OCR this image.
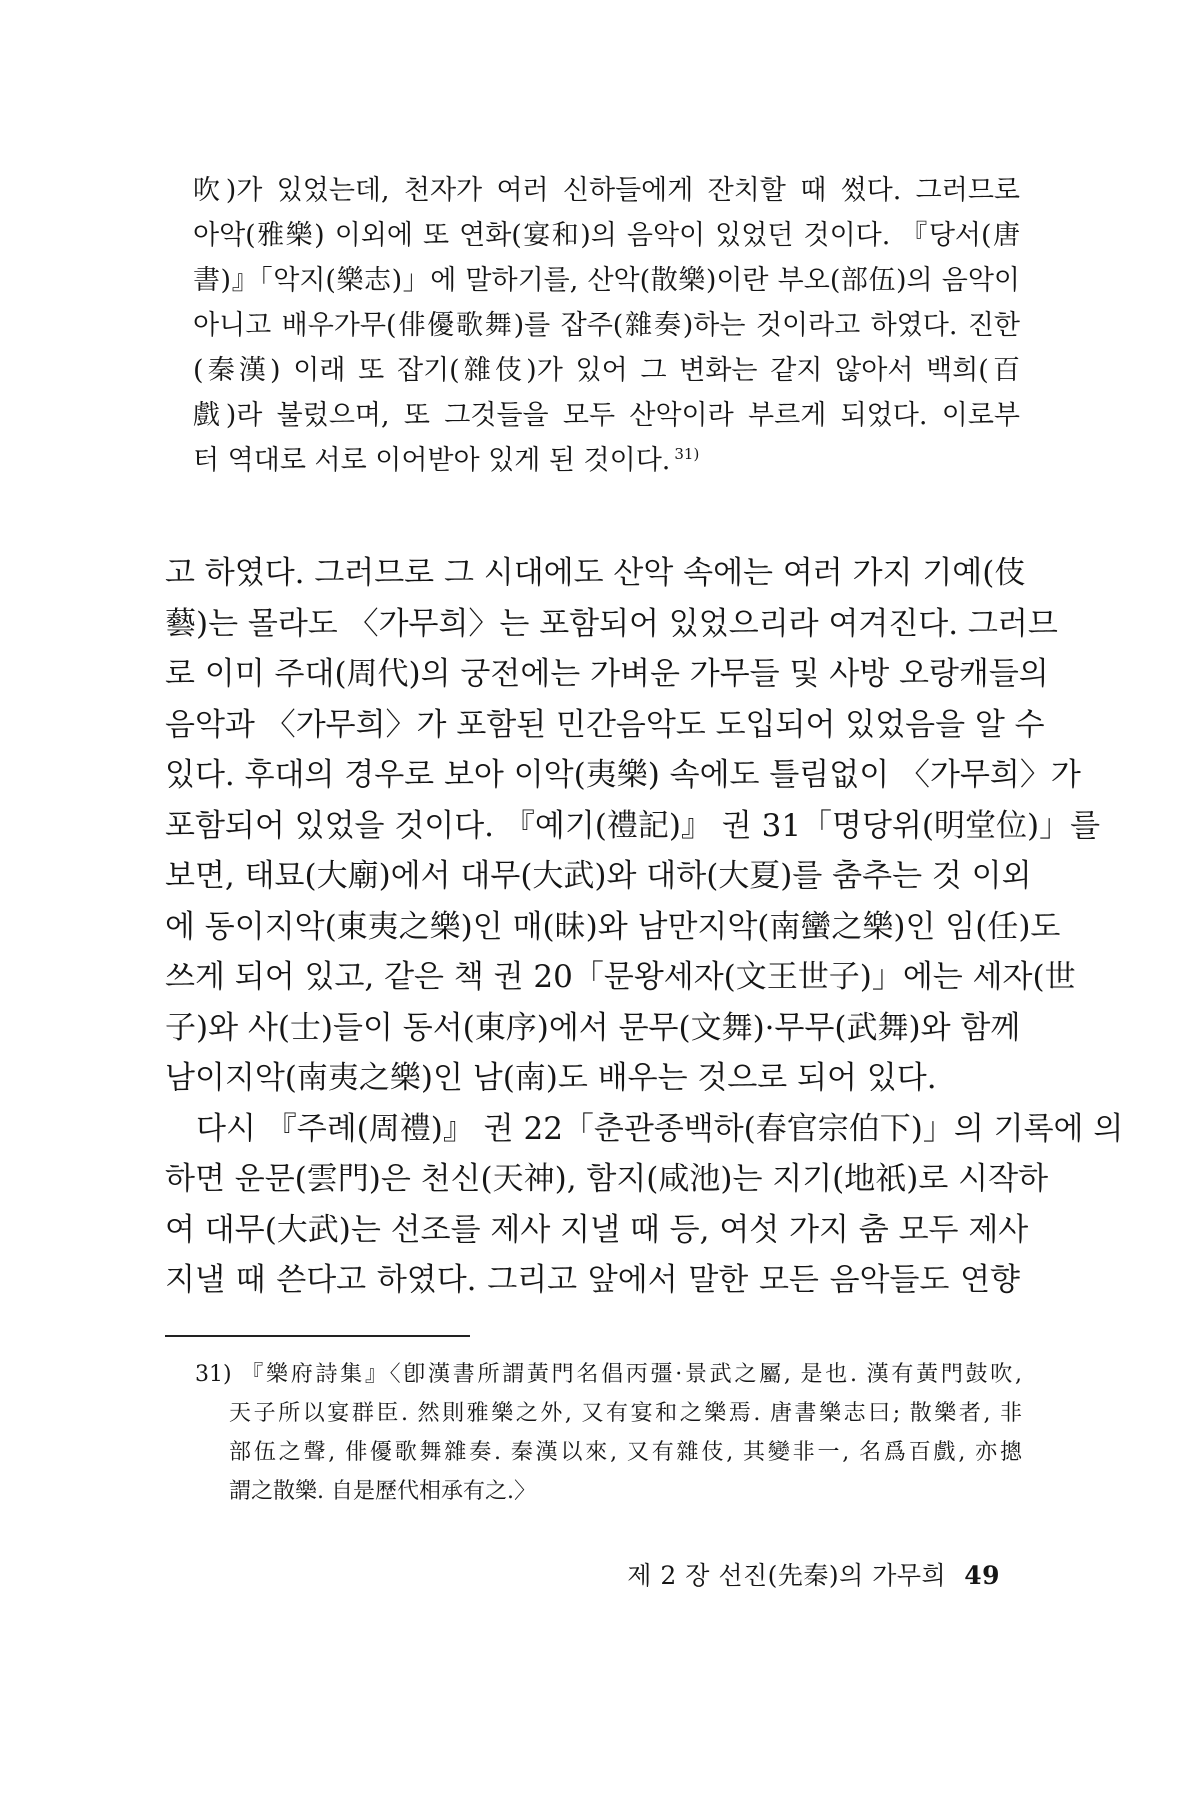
吹)가 있었는데, 천자가 여러 신하들에게 잔치할 때 썼다. 그러므로
아악(雅樂) 이외에 또 연화(宴和)의 음악이 있었던 것이다. 『당서(唐
書)』「악지(樂志)」에 말하기를, 산악(散樂)이란 부오(部伍)의 음악이
아니고 배우가무(俳優歌舞)를 잡주(雜奏)하는 것이라고 하였다. 진한
(秦漢) 이래 또 잡기(雜伎)가 있어 그 변화는 같지 않아서 백희(百
戲)라 불렀으며, 또 그것들을 모두 산악이라 부르게 되었다. 이로부
터 역대로 서로 이어받아 있게 된 것이다. $^{31)}$
고 하였다. 그러므로 그 시대에도 산악 속에는 여러 가지 기예(伎
藝)는 몰라도 〈가무희〉는 포함되어 있었으리라 여겨진다. 그러므
로 이미 주대(周代)의 궁전에는 가벼운 가무들 및 사방 오랑캐들의
음악과 〈가무희〉가 포함된 민간음악도 도입되어 있었음을 알 수
있다. 후대의 경우로 보아 이악(夷樂) 속에도 틀림없이 〈가무희〉가
포함되어 있었을 것이다. 『예기(禮記)』 권 31「명당위(明堂位)」를
보면, 태묘(大廟)에서 대무(大武)와 대하(大夏)를 춤추는 것 이외
에 동이지악(東夷之樂)인 매(昧)와 남만지악(南蠻之樂)인 임(任)도
쓰게 되어 있고, 같은 책 권 20「문왕세자(文王世子)」에는 세자(世
子)와 사(士)들이 동서(東序)에서 문무(文舞)·무무(武舞)와 함께
남이지악(南夷之樂)인 남(南)도 배우는 것으로 되어 있다.
다시 『주례(周禮)』 권 22「춘관종백하(春官宗伯下)」의 기록에 의
하면 운문(雲門)은 천신(天神), 함지(咸池)는 지기(地祇)로 시작하
여 대무(大武)는 선조를 제사 지낼 때 등, 여섯 가지 춤 모두 제사
지낼 때 쓴다고 하였다. 그리고 앞에서 말한 모든 음악들도 연향
31) 『樂府詩集』〈卽漢書所謂黃門名倡丙彊·景武之屬, 是也. 漢有黃門鼓吹,
天子所以宴群臣. 然則雅樂之外, 又有宴和之樂焉. 唐書樂志曰; 散樂者, 非
部伍之聲, 俳優歌舞雜奏. 秦漢以來, 又有雜伎, 其變非一, 名爲百戲, 亦摠
謂之散樂. 自是歷代相承有之.〉
제 2 장 선진(先秦)의 가무희 49
